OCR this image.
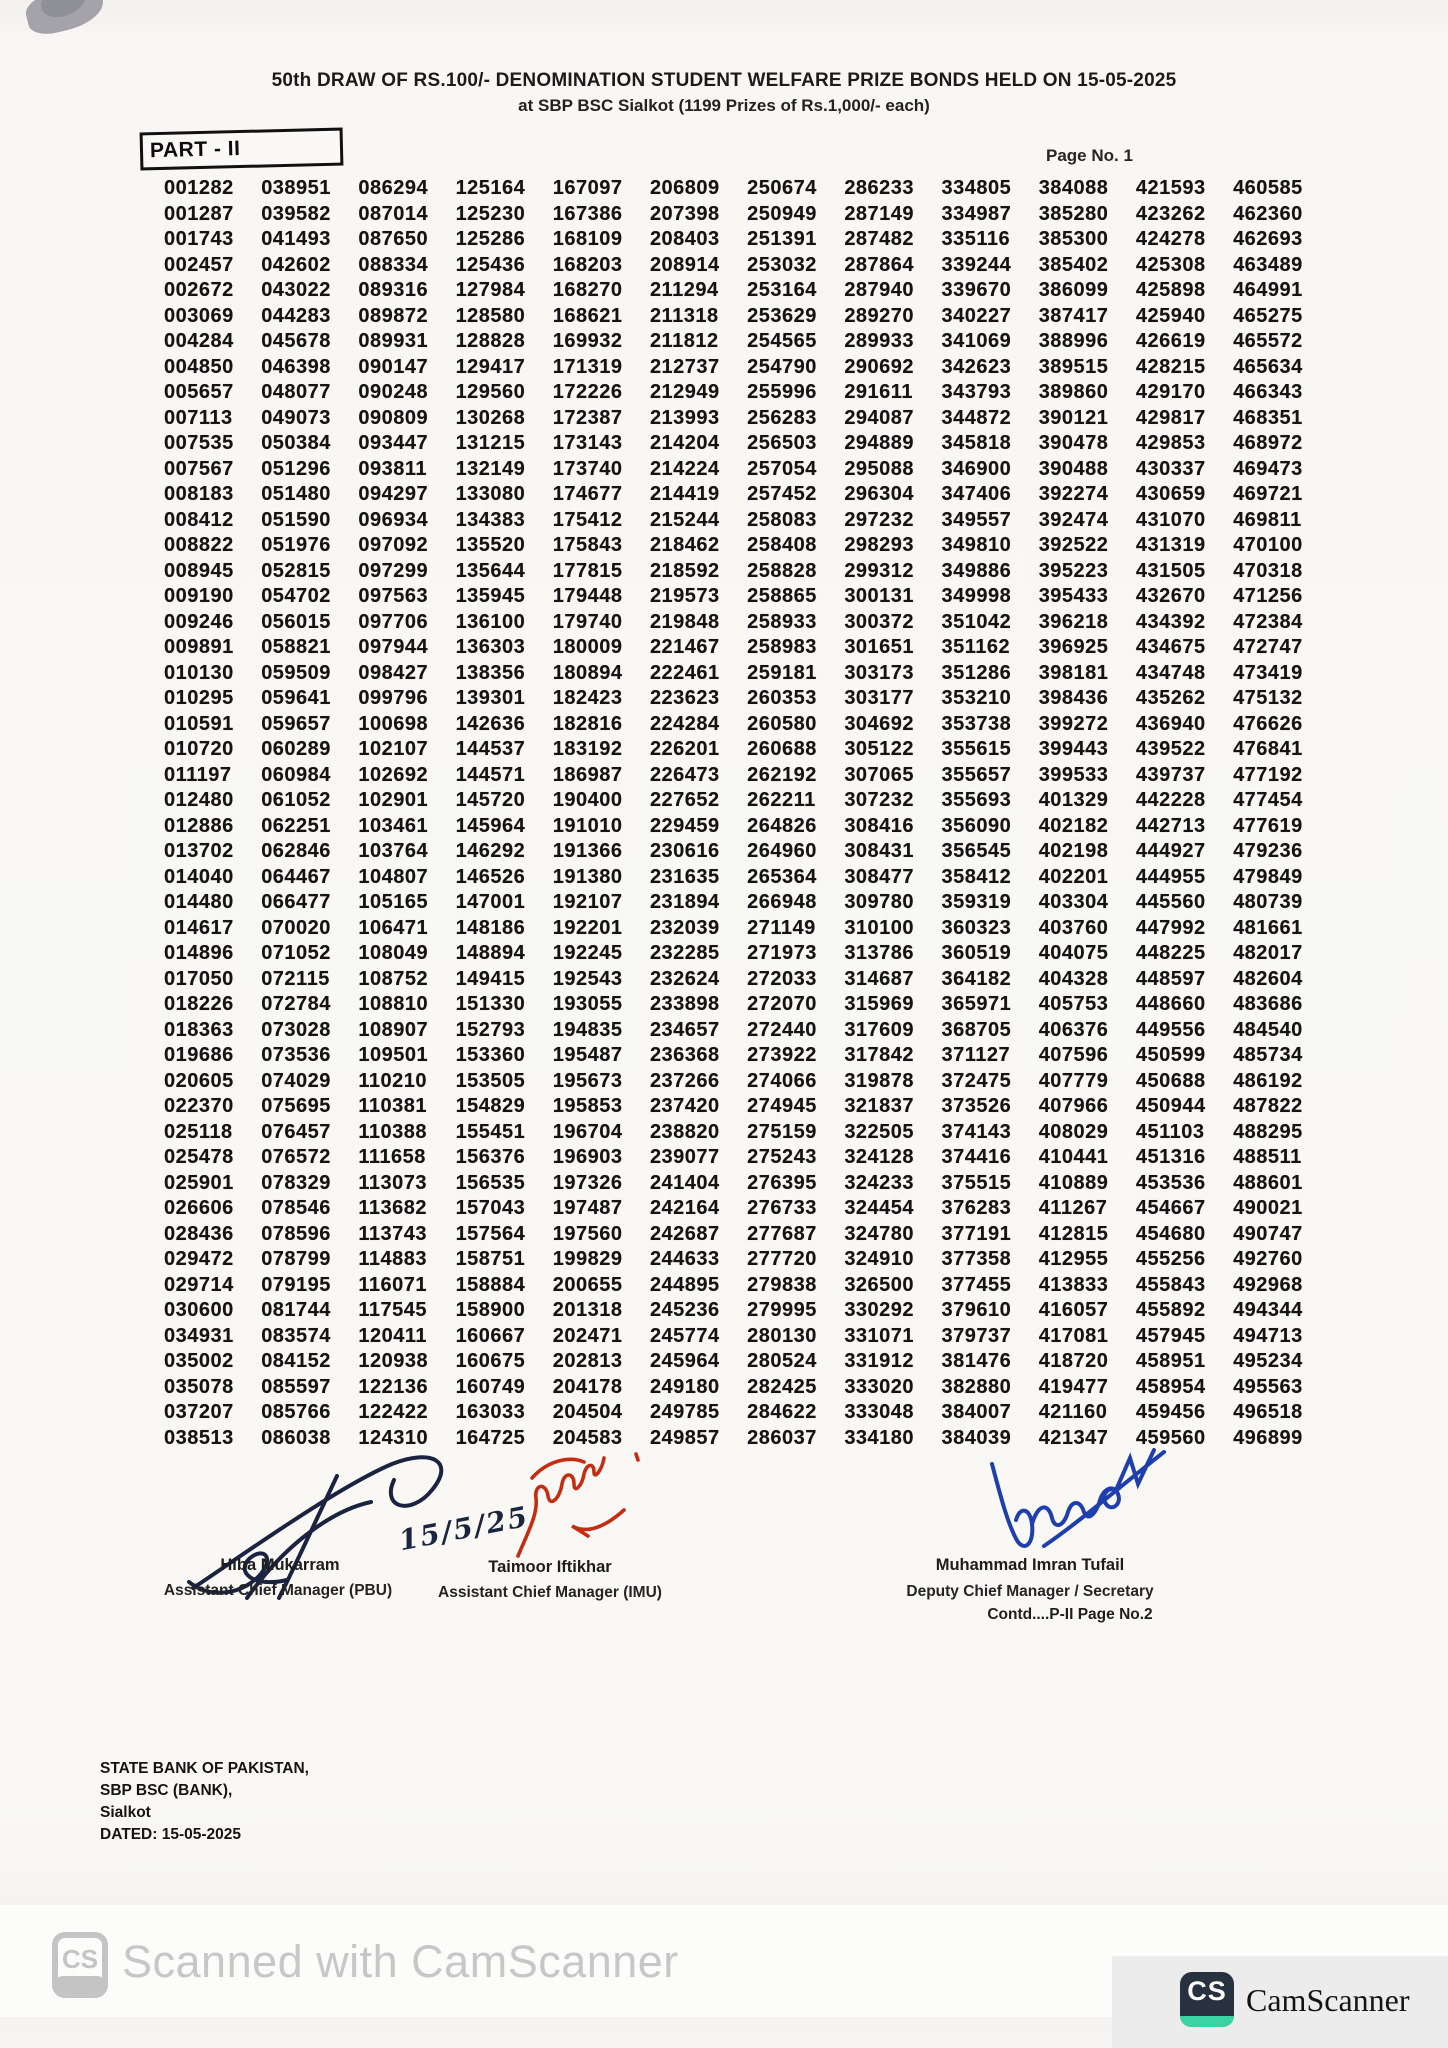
50th DRAW OF RS.100/- DENOMINATION STUDENT WELFARE PRIZE BONDS HELD ON 15-05-2025
at SBP BSC Sialkot (1199 Prizes of Rs.1,000/- each)
PART - II	Page No. 1
001282	038951	086294	125164	167097	206809	250674	286233	334805	384088	421593	460585
001287	039582	087014	125230	167386	207398	250949	287149	334987	385280	423262	462360
001743	041493	087650	125286	168109	208403	251391	287482	335116	385300	424278	462693
002457	042602	088334	125436	168203	208914	253032	287864	339244	385402	425308	463489
002672	043022	089316	127984	168270	211294	253164	287940	339670	386099	425898	464991
003069	044283	089872	128580	168621	211318	253629	289270	340227	387417	425940	465275
004284	045678	089931	128828	169932	211812	254565	289933	341069	388996	426619	465572
004850	046398	090147	129417	171319	212737	254790	290692	342623	389515	428215	465634
005657	048077	090248	129560	172226	212949	255996	291611	343793	389860	429170	466343
007113	049073	090809	130268	172387	213993	256283	294087	344872	390121	429817	468351
007535	050384	093447	131215	173143	214204	256503	294889	345818	390478	429853	468972
007567	051296	093811	132149	173740	214224	257054	295088	346900	390488	430337	469473
008183	051480	094297	133080	174677	214419	257452	296304	347406	392274	430659	469721
008412	051590	096934	134383	175412	215244	258083	297232	349557	392474	431070	469811
008822	051976	097092	135520	175843	218462	258408	298293	349810	392522	431319	470100
008945	052815	097299	135644	177815	218592	258828	299312	349886	395223	431505	470318
009190	054702	097563	135945	179448	219573	258865	300131	349998	395433	432670	471256
009246	056015	097706	136100	179740	219848	258933	300372	351042	396218	434392	472384
009891	058821	097944	136303	180009	221467	258983	301651	351162	396925	434675	472747
010130	059509	098427	138356	180894	222461	259181	303173	351286	398181	434748	473419
010295	059641	099796	139301	182423	223623	260353	303177	353210	398436	435262	475132
010591	059657	100698	142636	182816	224284	260580	304692	353738	399272	436940	476626
010720	060289	102107	144537	183192	226201	260688	305122	355615	399443	439522	476841
011197	060984	102692	144571	186987	226473	262192	307065	355657	399533	439737	477192
012480	061052	102901	145720	190400	227652	262211	307232	355693	401329	442228	477454
012886	062251	103461	145964	191010	229459	264826	308416	356090	402182	442713	477619
013702	062846	103764	146292	191366	230616	264960	308431	356545	402198	444927	479236
014040	064467	104807	146526	191380	231635	265364	308477	358412	402201	444955	479849
014480	066477	105165	147001	192107	231894	266948	309780	359319	403304	445560	480739
014617	070020	106471	148186	192201	232039	271149	310100	360323	403760	447992	481661
014896	071052	108049	148894	192245	232285	271973	313786	360519	404075	448225	482017
017050	072115	108752	149415	192543	232624	272033	314687	364182	404328	448597	482604
018226	072784	108810	151330	193055	233898	272070	315969	365971	405753	448660	483686
018363	073028	108907	152793	194835	234657	272440	317609	368705	406376	449556	484540
019686	073536	109501	153360	195487	236368	273922	317842	371127	407596	450599	485734
020605	074029	110210	153505	195673	237266	274066	319878	372475	407779	450688	486192
022370	075695	110381	154829	195853	237420	274945	321837	373526	407966	450944	487822
025118	076457	110388	155451	196704	238820	275159	322505	374143	408029	451103	488295
025478	076572	111658	156376	196903	239077	275243	324128	374416	410441	451316	488511
025901	078329	113073	156535	197326	241404	276395	324233	375515	410889	453536	488601
026606	078546	113682	157043	197487	242164	276733	324454	376283	411267	454667	490021
028436	078596	113743	157564	197560	242687	277687	324780	377191	412815	454680	490747
029472	078799	114883	158751	199829	244633	277720	324910	377358	412955	455256	492760
029714	079195	116071	158884	200655	244895	279838	326500	377455	413833	455843	492968
030600	081744	117545	158900	201318	245236	279995	330292	379610	416057	455892	494344
034931	083574	120411	160667	202471	245774	280130	331071	379737	417081	457945	494713
035002	084152	120938	160675	202813	245964	280524	331912	381476	418720	458951	495234
035078	085597	122136	160749	204178	249180	282425	333020	382880	419477	458954	495563
037207	085766	122422	163033	204504	249785	284622	333048	384007	421160	459456	496518
038513	086038	124310	164725	204583	249857	286037	334180	384039	421347	459560	496899
15/5/25
Hiba Mukarram
Assistant Chief Manager (PBU)
Taimoor Iftikhar
Assistant Chief Manager (IMU)
Muhammad Imran Tufail
Deputy Chief Manager / Secretary
Contd....P-II Page No.2
STATE BANK OF PAKISTAN,
SBP BSC (BANK),
Sialkot
DATED: 15-05-2025
CS Scanned with CamScanner
CS CamScanner
